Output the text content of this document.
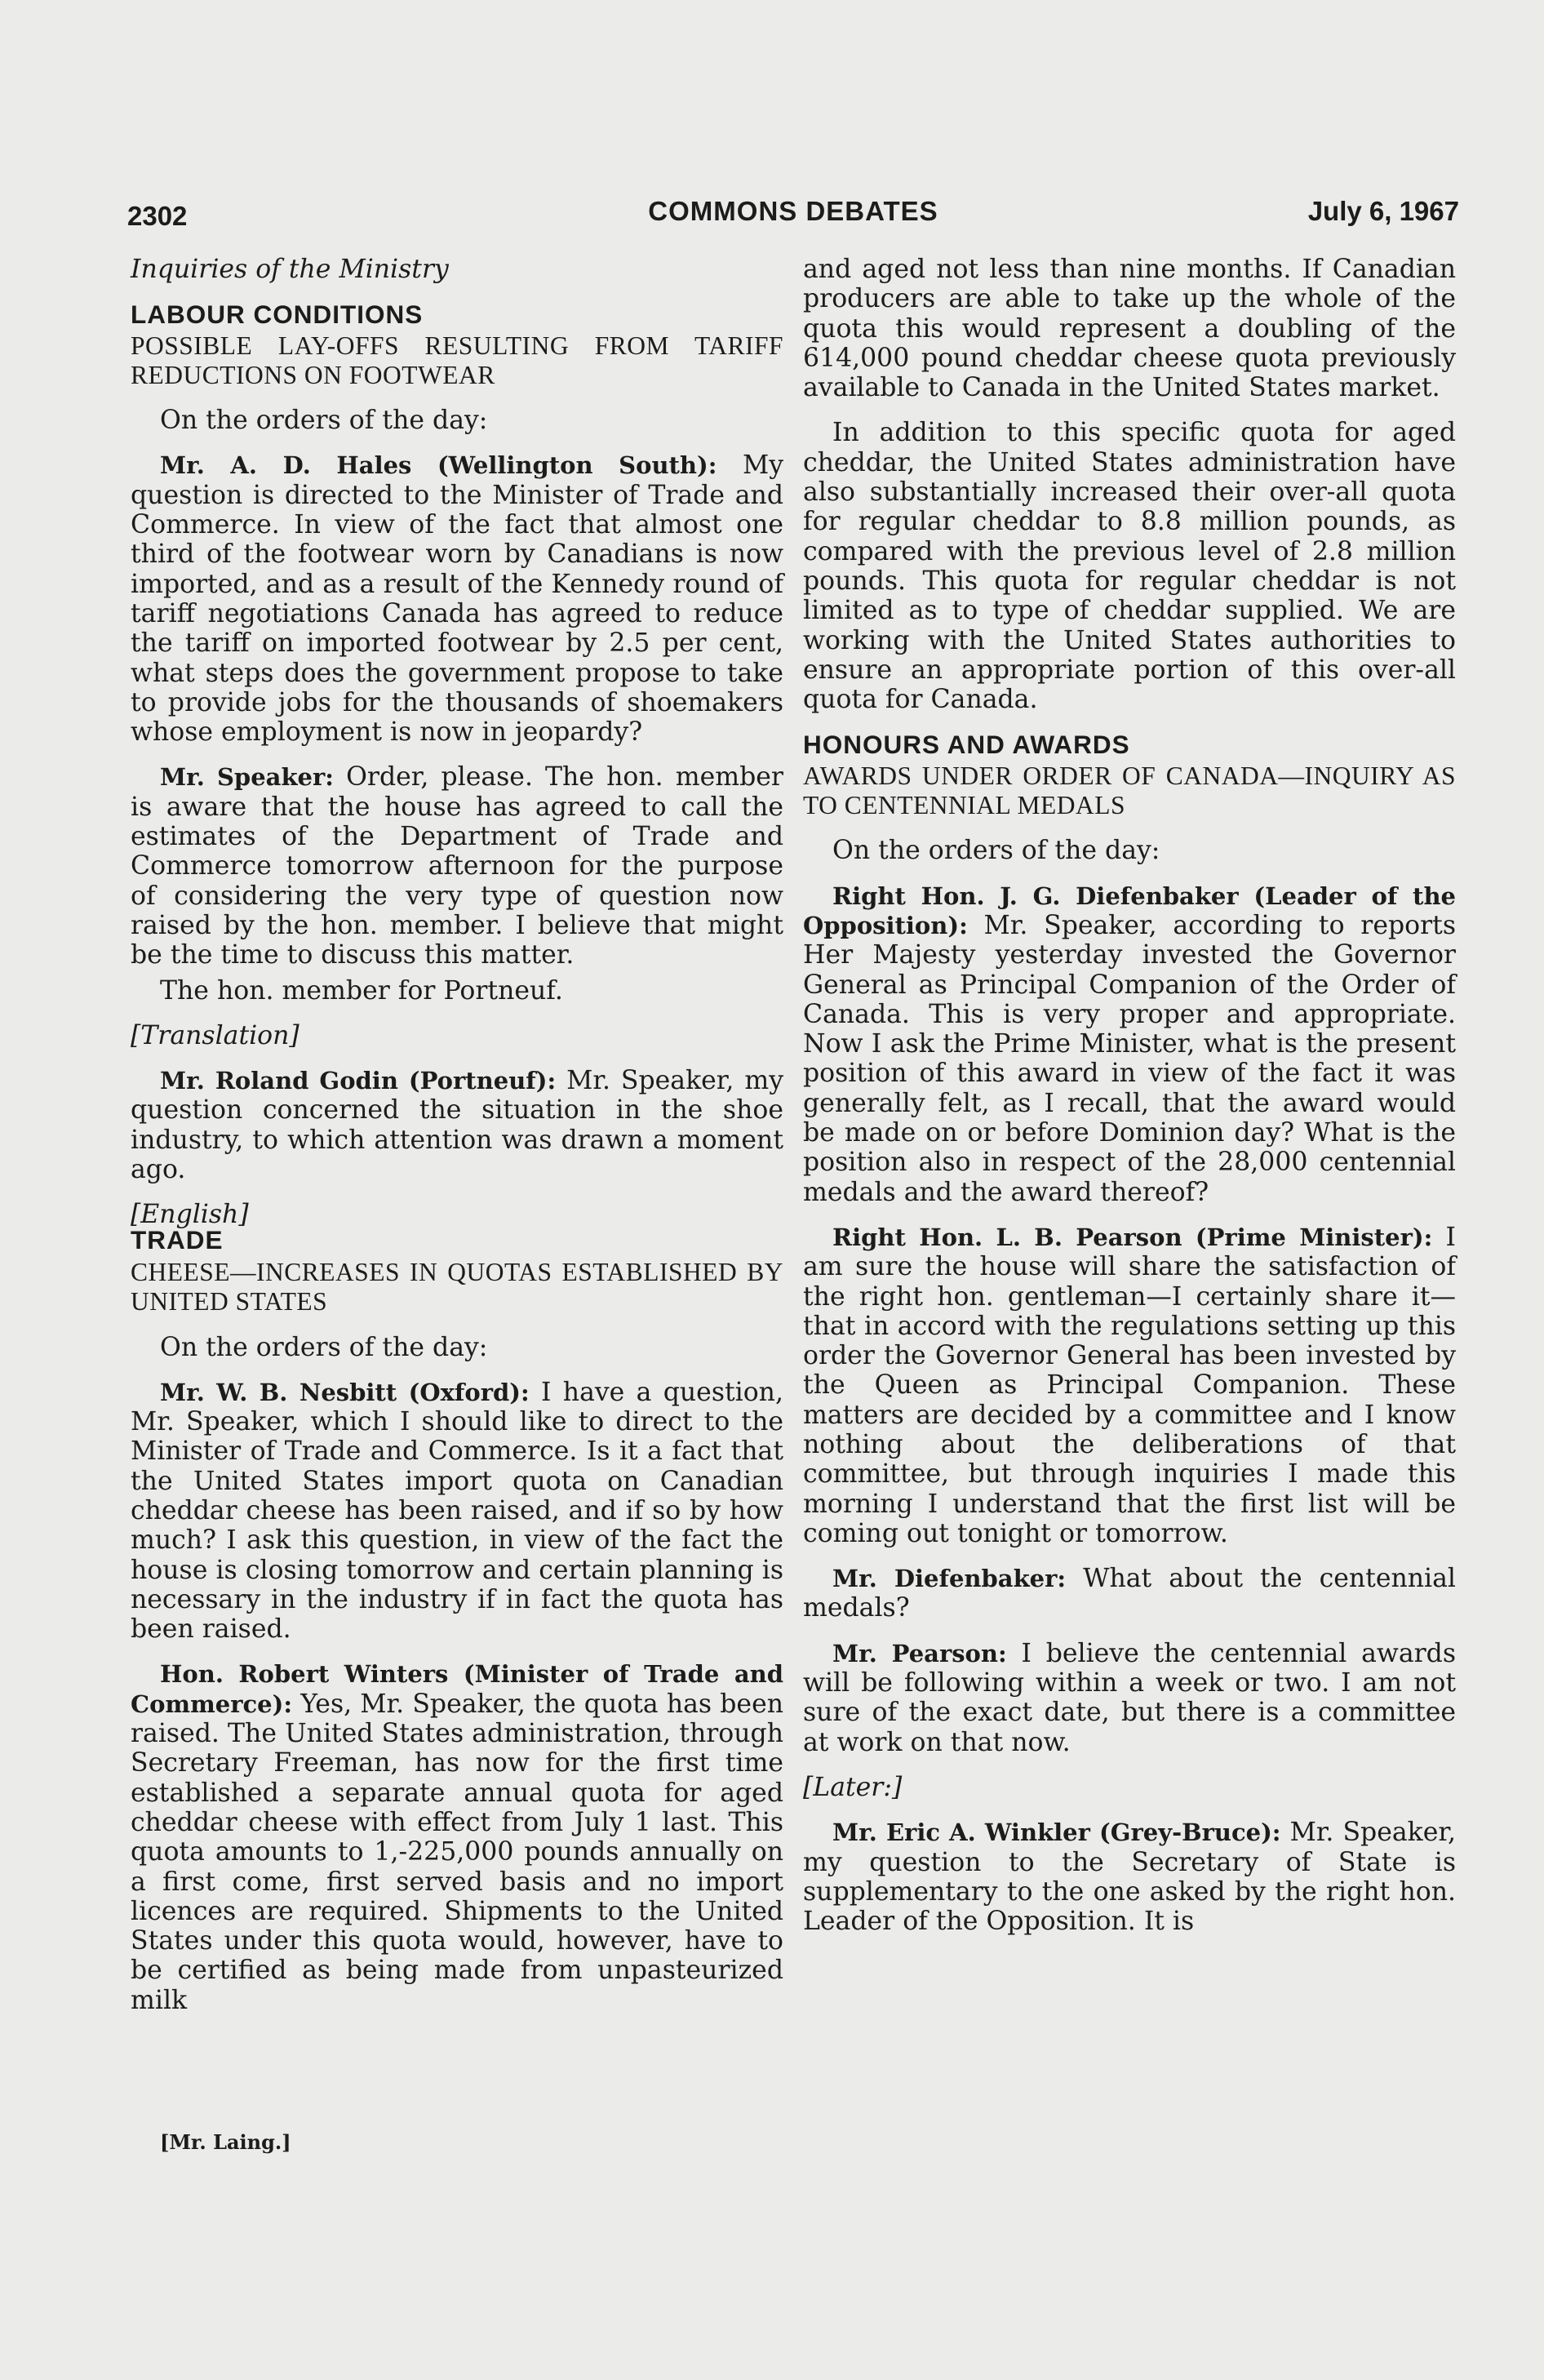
2302	COMMONS DEBATES	July 6, 1967

Inquiries of the Ministry

LABOUR CONDITIONS

POSSIBLE LAY-OFFS RESULTING FROM TARIFF REDUCTIONS ON FOOTWEAR

On the orders of the day:

Mr. A. D. Hales (Wellington South): My question is directed to the Minister of Trade and Commerce. In view of the fact that almost one third of the footwear worn by Canadians is now imported, and as a result of the Kennedy round of tariff negotiations Canada has agreed to reduce the tariff on imported footwear by 2.5 per cent, what steps does the government propose to take to provide jobs for the thousands of shoemakers whose employment is now in jeopardy?

Mr. Speaker: Order, please. The hon. member is aware that the house has agreed to call the estimates of the Department of Trade and Commerce tomorrow afternoon for the purpose of considering the very type of question now raised by the hon. member. I believe that might be the time to discuss this matter.

The hon. member for Portneuf.

[Translation]

Mr. Roland Godin (Portneuf): Mr. Speaker, my question concerned the situation in the shoe industry, to which attention was drawn a moment ago.

[English]

TRADE

CHEESE—INCREASES IN QUOTAS ESTABLISHED BY UNITED STATES

On the orders of the day:

Mr. W. B. Nesbitt (Oxford): I have a question, Mr. Speaker, which I should like to direct to the Minister of Trade and Commerce. Is it a fact that the United States import quota on Canadian cheddar cheese has been raised, and if so by how much? I ask this question, in view of the fact the house is closing tomorrow and certain planning is necessary in the industry if in fact the quota has been raised.

Hon. Robert Winters (Minister of Trade and Commerce): Yes, Mr. Speaker, the quota has been raised. The United States administration, through Secretary Freeman, has now for the first time established a separate annual quota for aged cheddar cheese with effect from July 1 last. This quota amounts to 1,-225,000 pounds annually on a first come, first served basis and no import licences are required. Shipments to the United States under this quota would, however, have to be certified as being made from unpasteurized milk

and aged not less than nine months. If Canadian producers are able to take up the whole of the quota this would represent a doubling of the 614,000 pound cheddar cheese quota previously available to Canada in the United States market.

In addition to this specific quota for aged cheddar, the United States administration have also substantially increased their over-all quota for regular cheddar to 8.8 million pounds, as compared with the previous level of 2.8 million pounds. This quota for regular cheddar is not limited as to type of cheddar supplied. We are working with the United States authorities to ensure an appropriate portion of this over-all quota for Canada.

HONOURS AND AWARDS

AWARDS UNDER ORDER OF CANADA—INQUIRY AS TO CENTENNIAL MEDALS

On the orders of the day:

Right Hon. J. G. Diefenbaker (Leader of the Opposition): Mr. Speaker, according to reports Her Majesty yesterday invested the Governor General as Principal Companion of the Order of Canada. This is very proper and appropriate. Now I ask the Prime Minister, what is the present position of this award in view of the fact it was generally felt, as I recall, that the award would be made on or before Dominion day? What is the position also in respect of the 28,000 centennial medals and the award thereof?

Right Hon. L. B. Pearson (Prime Minister): I am sure the house will share the satisfaction of the right hon. gentleman—I certainly share it—that in accord with the regulations setting up this order the Governor General has been invested by the Queen as Principal Companion. These matters are decided by a committee and I know nothing about the deliberations of that committee, but through inquiries I made this morning I understand that the first list will be coming out tonight or tomorrow.

Mr. Diefenbaker: What about the centennial medals?

Mr. Pearson: I believe the centennial awards will be following within a week or two. I am not sure of the exact date, but there is a committee at work on that now.

[Later:]

Mr. Eric A. Winkler (Grey-Bruce): Mr. Speaker, my question to the Secretary of State is supplementary to the one asked by the right hon. Leader of the Opposition. It is

[Mr. Laing.]
